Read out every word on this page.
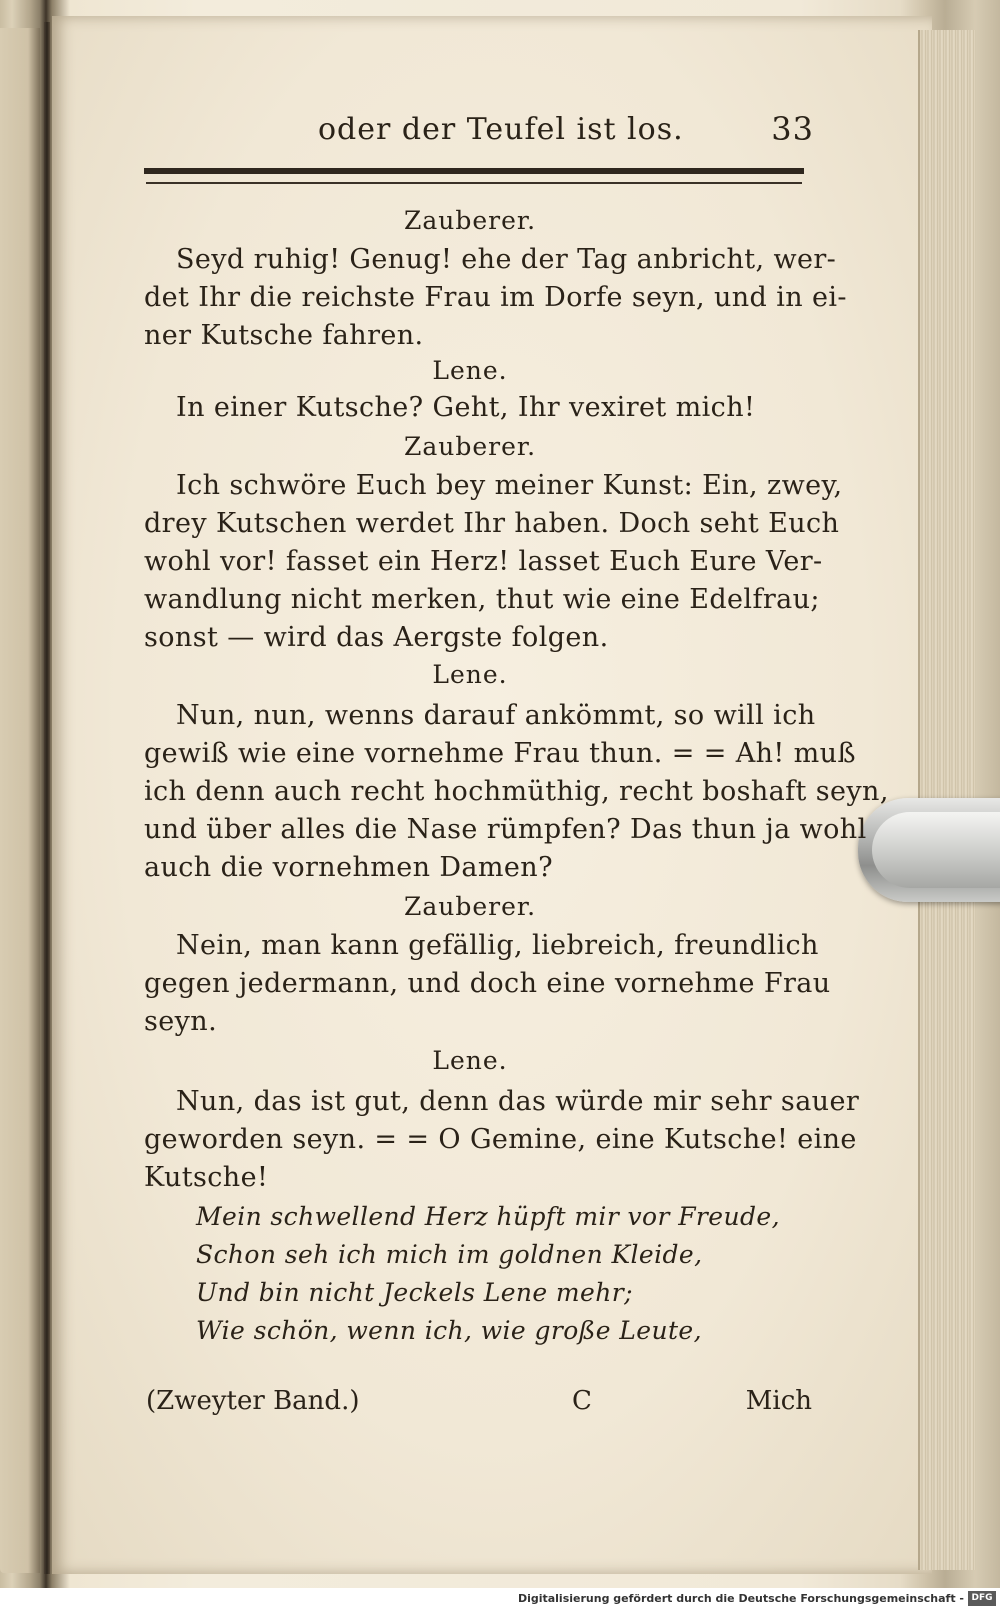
oder der Teufel ist los.	33
Zauberer.
Seyd ruhig! Genug! ehe der Tag anbricht, wer-
det Ihr die reichste Frau im Dorfe seyn, und in ei-
ner Kutsche fahren.
Lene.
In einer Kutsche? Geht, Ihr vexiret mich!
Zauberer.
Ich schwöre Euch bey meiner Kunst: Ein, zwey,
drey Kutschen werdet Ihr haben. Doch seht Euch
wohl vor! fasset ein Herz! lasset Euch Eure Ver-
wandlung nicht merken, thut wie eine Edelfrau;
sonst — wird das Aergste folgen.
Lene.
Nun, nun, wenns darauf ankömmt, so will ich
gewiß wie eine vornehme Frau thun. = = Ah! muß
ich denn auch recht hochmüthig, recht boshaft seyn,
und über alles die Nase rümpfen? Das thun ja wohl
auch die vornehmen Damen?
Zauberer.
Nein, man kann gefällig, liebreich, freundlich
gegen jedermann, und doch eine vornehme Frau
seyn.
Lene.
Nun, das ist gut, denn das würde mir sehr sauer
geworden seyn. = = O Gemine, eine Kutsche! eine
Kutsche!
Mein schwellend Herz hüpft mir vor Freude,
Schon seh ich mich im goldnen Kleide,
Und bin nicht Jeckels Lene mehr;
Wie schön, wenn ich, wie große Leute,
(Zweyter Band.)	C	Mich
Digitalisierung gefördert durch die Deutsche Forschungsgemeinschaft - DFG
